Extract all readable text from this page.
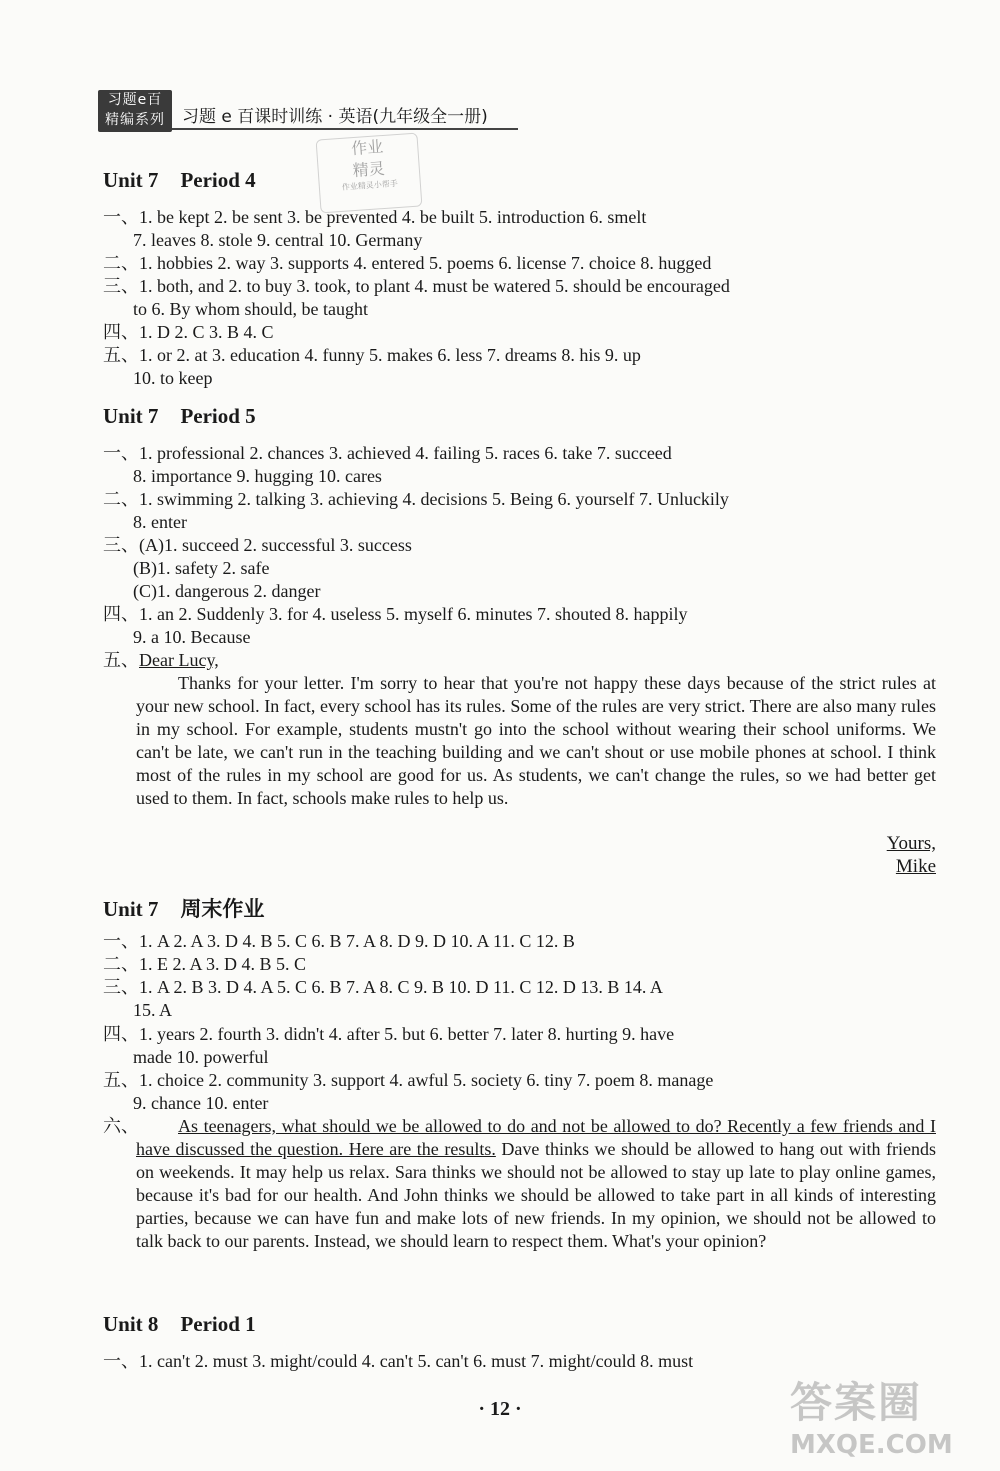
习题e百
精编系列	习题 e 百课时训练 · 英语(九年级全一册)
作业
精灵
作业精灵小帮手
Unit 7 Period 4
一、1. be kept 2. be sent 3. be prevented 4. be built 5. introduction 6. smelt
7. leaves 8. stole 9. central 10. Germany
二、1. hobbies 2. way 3. supports 4. entered 5. poems 6. license 7. choice 8. hugged
三、1. both, and 2. to buy 3. took, to plant 4. must be watered 5. should be encouraged
to 6. By whom should, be taught
四、1. D 2. C 3. B 4. C
五、1. or 2. at 3. education 4. funny 5. makes 6. less 7. dreams 8. his 9. up
10. to keep
Unit 7 Period 5
一、1. professional 2. chances 3. achieved 4. failing 5. races 6. take 7. succeed
8. importance 9. hugging 10. cares
二、1. swimming 2. talking 3. achieving 4. decisions 5. Being 6. yourself 7. Unluckily
8. enter
三、(A)1. succeed 2. successful 3. success
(B)1. safety 2. safe
(C)1. dangerous 2. danger
四、1. an 2. Suddenly 3. for 4. useless 5. myself 6. minutes 7. shouted 8. happily
9. a 10. Because
五、Dear Lucy,
Thanks for your letter. I'm sorry to hear that you're not happy these days because of the strict rules at your new school. In fact, every school has its rules. Some of the rules are very strict. There are also many rules in my school. For example, students mustn't go into the school without wearing their school uniforms. We can't be late, we can't run in the teaching building and we can't shout or use mobile phones at school. I think most of the rules in my school are good for us. As students, we can't change the rules, so we had better get used to them. In fact, schools make rules to help us.
Yours,
Mike
Unit 7 周末作业
一、1. A 2. A 3. D 4. B 5. C 6. B 7. A 8. D 9. D 10. A 11. C 12. B
二、1. E 2. A 3. D 4. B 5. C
三、1. A 2. B 3. D 4. A 5. C 6. B 7. A 8. C 9. B 10. D 11. C 12. D 13. B 14. A
15. A
四、1. years 2. fourth 3. didn't 4. after 5. but 6. better 7. later 8. hurting 9. have
made 10. powerful
五、1. choice 2. community 3. support 4. awful 5. society 6. tiny 7. poem 8. manage
9. chance 10. enter
六、	As teenagers, what should we be allowed to do and not be allowed to do? Recently a few friends and I have discussed the question. Here are the results. Dave thinks we should be allowed to hang out with friends on weekends. It may help us relax. Sara thinks we should not be allowed to stay up late to play online games, because it's bad for our health. And John thinks we should be allowed to take part in all kinds of interesting parties, because we can have fun and make lots of new friends. In my opinion, we should not be allowed to talk back to our parents. Instead, we should learn to respect them. What's your opinion?
Unit 8 Period 1
一、1. can't 2. must 3. might/could 4. can't 5. can't 6. must 7. might/could 8. must
· 12 ·	答案圈
MXQE.COM
